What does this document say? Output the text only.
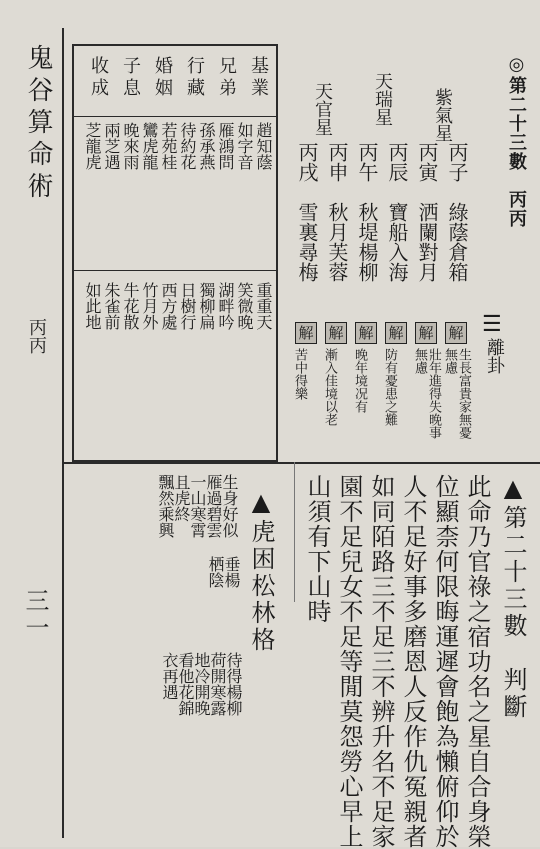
鬼谷算命術
丙丙
三一
◎第二十三數　丙丙
☰
離卦
紫氣星
天瑞星
天官星
丙子　綠蔭倉箱
丙寅　洒闌對月
丙辰　寶船入海
丙午　秋堤楊柳
丙申　秋月芙蓉
丙戌　雪裏尋梅
解
解
解
解
解
解
生長富貴家無憂無慮
壯年進得失晚事無慮
防有憂患之難
晚年境况有
漸入佳境以老
苦中得樂
基業
兄弟
行藏
婚姻
子息
收成
趙知蔭
如字音
雁鴻問
孫承燕
待約花
若苑桂
鸞虎龍
晚來雨
兩芝遇
芝龍虎
重重天
笑微晚
湖畔吟
獨柳扁
日樹行
西方處
竹月外
牛花散
朱雀前
如此地
▲第二十三數　判斷
此命乃官祿之宿功名之星自合身榮
位顯柰何限晦運遲會飽為懶俯仰於
人不足好事多磨恩人反作仇冤親者
如同陌路三不足三不辨升名不足家
園不足兒女不足等閒莫怨勞心早上
山須有下山時
▲虎困松林格
生身好似
雁過碧雲
一山寒霄
且虎終
飄然乘興
垂楊
栖陰
待得楊柳
荷開寒露
地冷開晚
看他花錦
衣再遇
